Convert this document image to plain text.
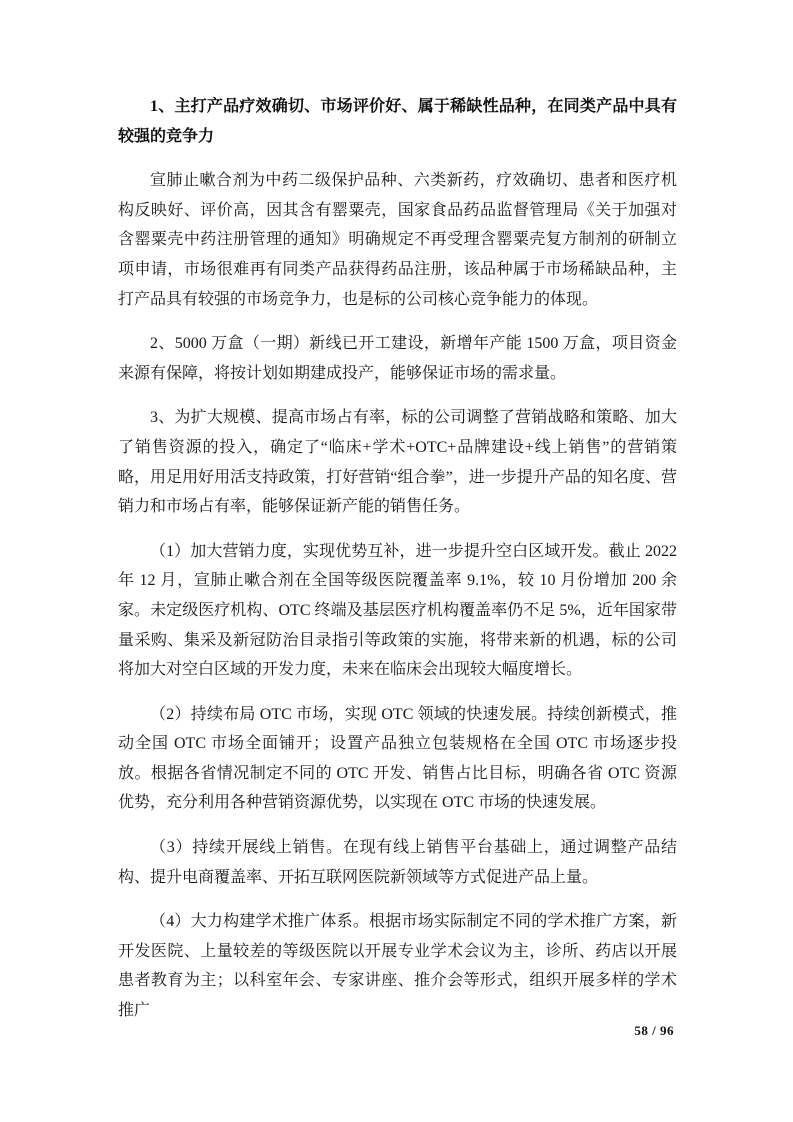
1、主打产品疗效确切、市场评价好、属于稀缺性品种，在同类产品中具有较强的竞争力

宣肺止嗽合剂为中药二级保护品种、六类新药，疗效确切、患者和医疗机构反映好、评价高，因其含有罂粟壳，国家食品药品监督管理局《关于加强对含罂粟壳中药注册管理的通知》明确规定不再受理含罂粟壳复方制剂的研制立项申请，市场很难再有同类产品获得药品注册，该品种属于市场稀缺品种，主打产品具有较强的市场竞争力，也是标的公司核心竞争能力的体现。

2、5000 万盒（一期）新线已开工建设，新增年产能 1500 万盒，项目资金来源有保障，将按计划如期建成投产，能够保证市场的需求量。

3、为扩大规模、提高市场占有率，标的公司调整了营销战略和策略、加大了销售资源的投入，确定了“临床+学术+OTC+品牌建设+线上销售”的营销策略，用足用好用活支持政策，打好营销“组合拳”，进一步提升产品的知名度、营销力和市场占有率，能够保证新产能的销售任务。

（1）加大营销力度，实现优势互补，进一步提升空白区域开发。截止 2022 年 12 月，宣肺止嗽合剂在全国等级医院覆盖率 9.1%，较 10 月份增加 200 余家。未定级医疗机构、OTC 终端及基层医疗机构覆盖率仍不足 5%，近年国家带量采购、集采及新冠防治目录指引等政策的实施，将带来新的机遇，标的公司将加大对空白区域的开发力度，未来在临床会出现较大幅度增长。

（2）持续布局 OTC 市场，实现 OTC 领域的快速发展。持续创新模式，推动全国 OTC 市场全面铺开；设置产品独立包装规格在全国 OTC 市场逐步投放。根据各省情况制定不同的 OTC 开发、销售占比目标，明确各省 OTC 资源优势，充分利用各种营销资源优势，以实现在 OTC 市场的快速发展。

（3）持续开展线上销售。在现有线上销售平台基础上，通过调整产品结构、提升电商覆盖率、开拓互联网医院新领域等方式促进产品上量。

（4）大力构建学术推广体系。根据市场实际制定不同的学术推广方案，新开发医院、上量较差的等级医院以开展专业学术会议为主，诊所、药店以开展患者教育为主；以科室年会、专家讲座、推介会等形式，组织开展多样的学术推广

58 / 96
